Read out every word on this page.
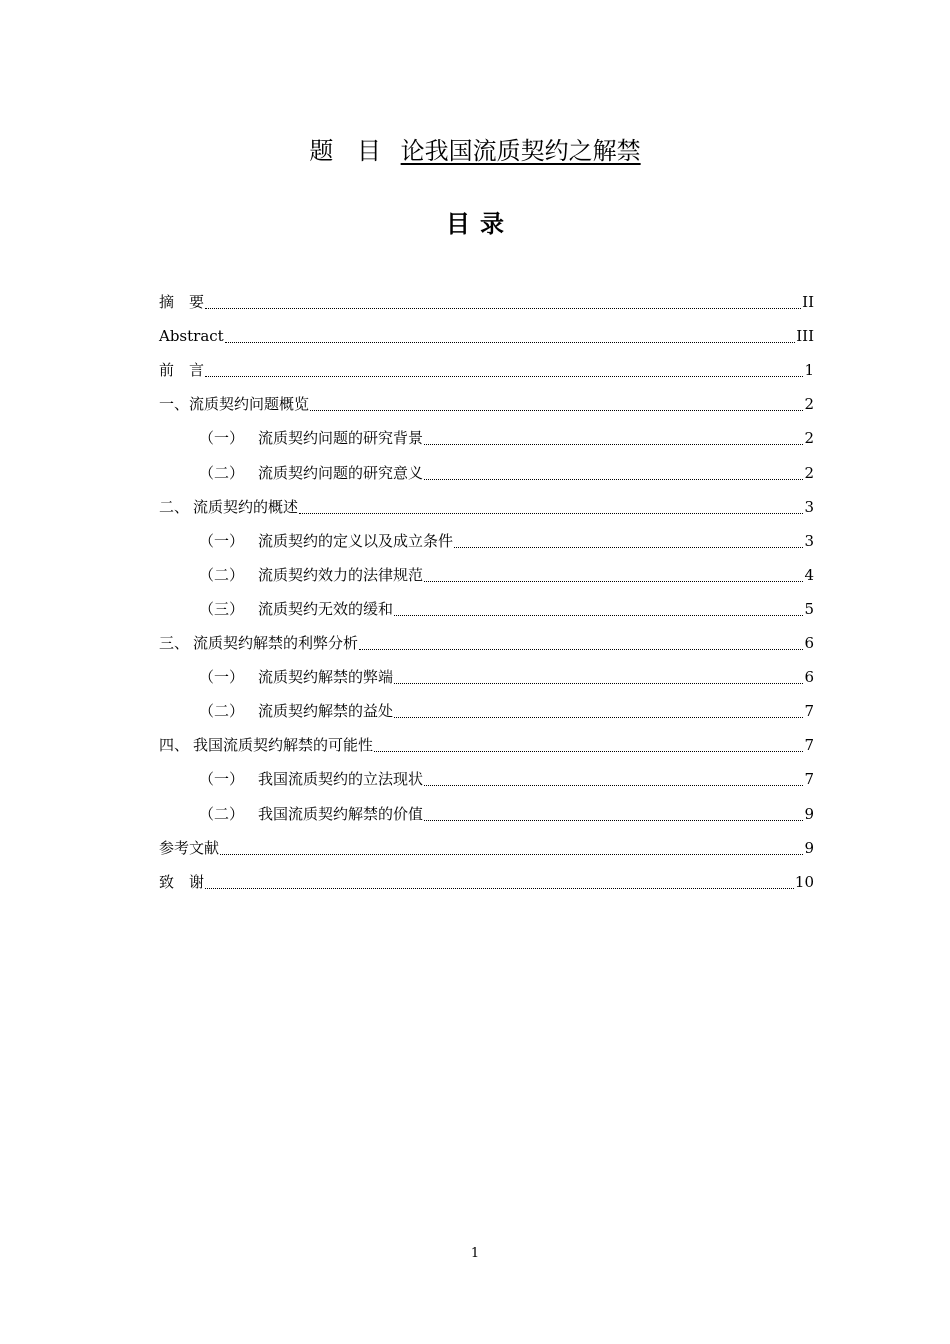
题 目 论我国流质契约之解禁
目录
摘　要	II
Abstract	III
前　言	1
一、流质契约问题概览	2
（一） 流质契约问题的研究背景	2
（二） 流质契约问题的研究意义	2
二、 流质契约的概述	3
（一） 流质契约的定义以及成立条件	3
（二） 流质契约效力的法律规范	4
（三） 流质契约无效的缓和	5
三、 流质契约解禁的利弊分析	6
（一） 流质契约解禁的弊端	6
（二） 流质契约解禁的益处	7
四、 我国流质契约解禁的可能性	7
（一） 我国流质契约的立法现状	7
（二） 我国流质契约解禁的价值	9
参考文献	9
致　谢	10
1
